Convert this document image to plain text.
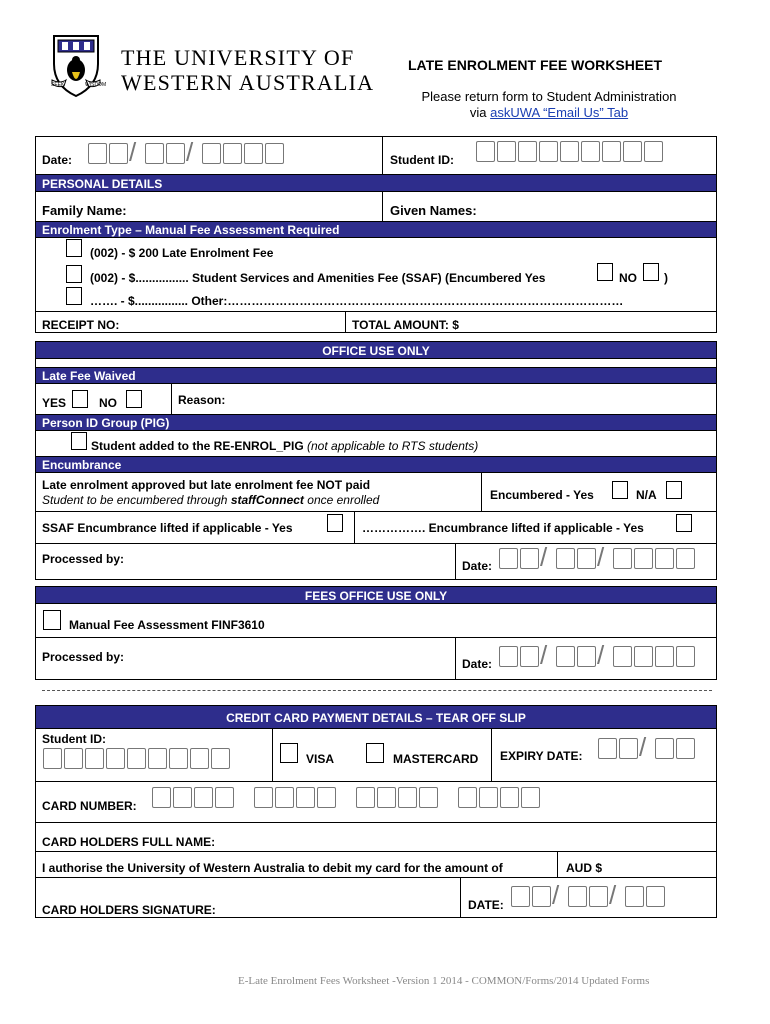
SEEK	WISDOM
THE UNIVERSITY OF
WESTERN AUSTRALIA
LATE ENROLMENT FEE WORKSHEET
Please return form to Student Administration
via askUWA “Email Us” Tab
Date: / /	Student ID:
PERSONAL DETAILS
Family Name:	Given Names:
Enrolment Type – Manual Fee Assessment Required
(002) - $ 200 Late Enrolment Fee
(002) - $................ Student Services and Amenities Fee (SSAF) (Encumbered Yes	NO )
……. - $................ Other:………………………………………………………………………………………
RECEIPT NO:	TOTAL AMOUNT: $
OFFICE USE ONLY
Late Fee Waived
YES	NO	Reason:
Person ID Group (PIG)
Student added to the RE-ENROL_PIG (not applicable to RTS students)
Encumbrance
Late enrolment approved but late enrolment fee NOT paid
Student to be encumbered through staffConnect once enrolled	Encumbered - Yes	N/A
SSAF Encumbrance lifted if applicable - Yes	……………. Encumbrance lifted if applicable - Yes
Processed by:	Date: / /
FEES OFFICE USE ONLY
Manual Fee Assessment FINF3610
Processed by:	Date: / /
CREDIT CARD PAYMENT DETAILS – TEAR OFF SLIP
Student ID:
VISA	MASTERCARD EXPIRY DATE: /
CARD NUMBER:
CARD HOLDERS FULL NAME:
I authorise the University of Western Australia to debit my card for the amount of	AUD $
CARD HOLDERS SIGNATURE:	DATE: / /
E-Late Enrolment Fees Worksheet -Version 1 2014 - COMMON/Forms/2014 Updated Forms
